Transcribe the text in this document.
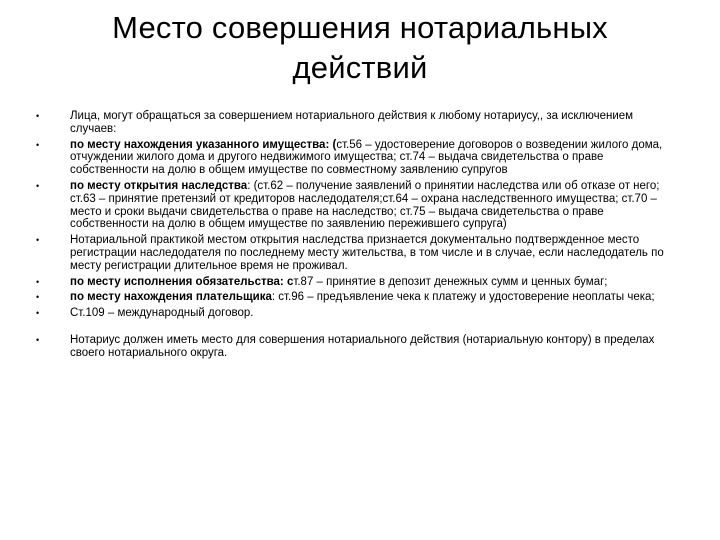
Место совершения нотариальных
действий
•	Лица, могут обращаться за совершением нотариального действия к любому нотариусу,, за исключением случаев:
•	по месту нахождения указанного имущества: (ст.56 – удостоверение договоров о возведении жилого дома, отчуждении жилого дома и другого недвижимого имущества; ст.74 – выдача свидетельства о праве собственности на долю в общем имуществе по совместному заявлению супругов
•	по месту открытия наследства: (ст.62 – получение заявлений о принятии наследства или об отказе от него; ст.63 – принятие претензий от кредиторов наследодателя;ст.64 – охрана наследственного имущества; ст.70 – место и сроки выдачи свидетельства о праве на наследство; ст.75 – выдача свидетельства о праве собственности на долю в общем имуществе по заявлению пережившего супруга)
•	Нотариальной практикой местом открытия наследства признается документально подтвержденное место регистрации наследодателя по последнему месту жительства, в том числе и в случае, если наследодатель по месту регистрации длительное время не проживал.
•	по месту исполнения обязательства: ст.87 – принятие в депозит денежных сумм и ценных бумаг;
•	по месту нахождения плательщика: ст.96 – предъявление чека к платежу и удостоверение неоплаты чека;
•	Ст.109 – международный договор.
•	Нотариус должен иметь место для совершения нотариального действия (нотариальную контору) в пределах своего нотариального округа.
